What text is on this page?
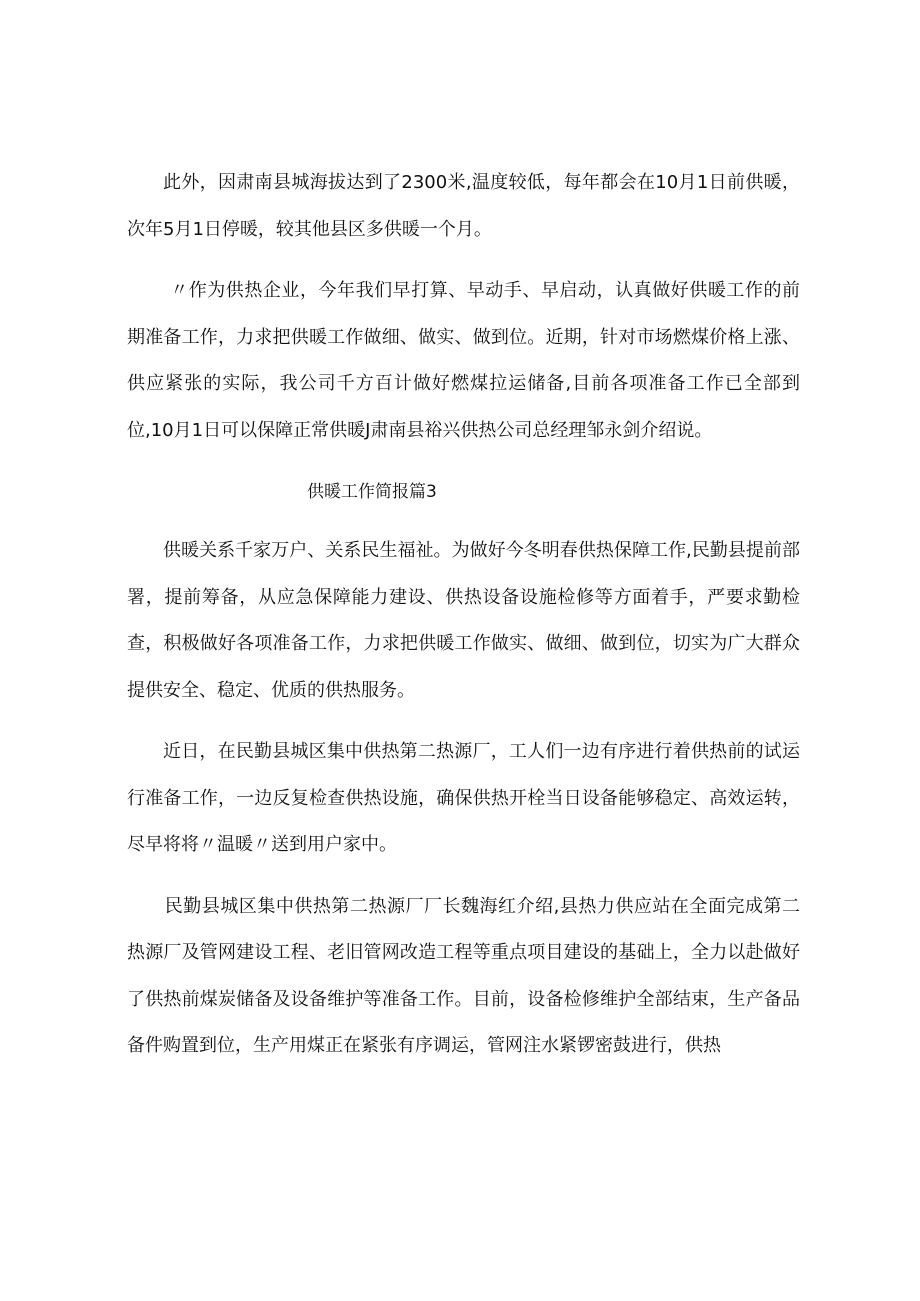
此外，因肃南县城海拔达到了2300米,温度较低，每年都会在10月1日前供暖，次年5月1日停暖，较其他县区多供暖一个月。

〃作为供热企业，今年我们早打算、早动手、早启动，认真做好供暖工作的前期准备工作，力求把供暖工作做细、做实、做到位。近期，针对市场燃煤价格上涨、供应紧张的实际，我公司千方百计做好燃煤拉运储备,目前各项准备工作已全部到位,10月1日可以保障正常供暖J肃南县裕兴供热公司总经理邹永剑介绍说。

供暖工作简报篇3

供暖关系千家万户、关系民生福祉。为做好今冬明春供热保障工作,民勤县提前部署，提前筹备，从应急保障能力建设、供热设备设施检修等方面着手，严要求勤检查，积极做好各项准备工作，力求把供暖工作做实、做细、做到位，切实为广大群众提供安全、稳定、优质的供热服务。

近日，在民勤县城区集中供热第二热源厂，工人们一边有序进行着供热前的试运行准备工作，一边反复检查供热设施，确保供热开栓当日设备能够稳定、高效运转，尽早将将〃温暖〃送到用户家中。

民勤县城区集中供热第二热源厂厂长魏海红介绍,县热力供应站在全面完成第二热源厂及管网建设工程、老旧管网改造工程等重点项目建设的基础上，全力以赴做好了供热前煤炭储备及设备维护等准备工作。目前，设备检修维护全部结束，生产备品备件购置到位，生产用煤正在紧张有序调运，管网注水紧锣密鼓进行，供热
